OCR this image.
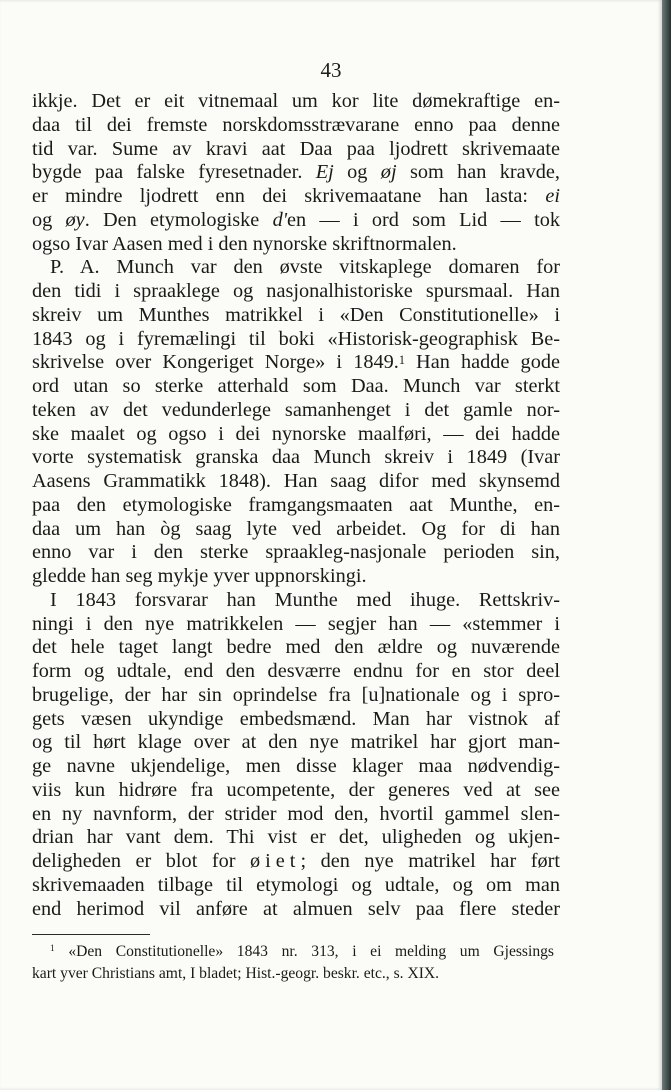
43

ikkje. Det er eit vitnemaal um kor lite dømekraftige en-
daa til dei fremste norskdomsstrævarane enno paa denne
tid var. Sume av kravi aat Daa paa ljodrett skrivemaate
bygde paa falske fyresetnader. Ej og øj som han kravde,
er mindre ljodrett enn dei skrivemaatane han lasta: ei
og øy. Den etymologiske d'en — i ord som Lid — tok
ogso Ivar Aasen med i den nynorske skriftnormalen.
P. A. Munch var den øvste vitskaplege domaren for
den tidi i spraaklege og nasjonalhistoriske spursmaal. Han
skreiv um Munthes matrikkel i «Den Constitutionelle» i
1843 og i fyremælingi til boki «Historisk-geographisk Be-
skrivelse over Kongeriget Norge» i 1849.$^1$ Han hadde gode
ord utan so sterke atterhald som Daa. Munch var sterkt
teken av det vedunderlege samanhenget i det gamle nor-
ske maalet og ogso i dei nynorske maalføri, — dei hadde
vorte systematisk granska daa Munch skreiv i 1849 (Ivar
Aasens Grammatikk 1848). Han saag difor med skynsemd
paa den etymologiske framgangsmaaten aat Munthe, en-
daa um han òg saag lyte ved arbeidet. Og for di han
enno var i den sterke spraakleg-nasjonale perioden sin,
gledde han seg mykje yver uppnorskingi.
I 1843 forsvarar han Munthe med ihuge. Rettskriv-
ningi i den nye matrikkelen — segjer han — «stemmer i
det hele taget langt bedre med den ældre og nuværende
form og udtale, end den desværre endnu for en stor deel
brugelige, der har sin oprindelse fra [u]nationale og i spro-
gets væsen ukyndige embedsmænd. Man har vistnok af
og til hørt klage over at den nye matrikel har gjort man-
ge navne ukjendelige, men disse klager maa nødvendig-
viis kun hidrøre fra ucompetente, der generes ved at see
en ny navnform, der strider mod den, hvortil gammel slen-
drian har vant dem. Thi vist er det, uligheden og ukjen-
deligheden er blot for øiet; den nye matrikel har ført
skrivemaaden tilbage til etymologi og udtale, og om man
end herimod vil anføre at almuen selv paa flere steder
$^1$ «Den Constitutionelle» 1843 nr. 313, i ei melding um Gjessings
kart yver Christians amt, I bladet; Hist.-geogr. beskr. etc., s. XIX.
